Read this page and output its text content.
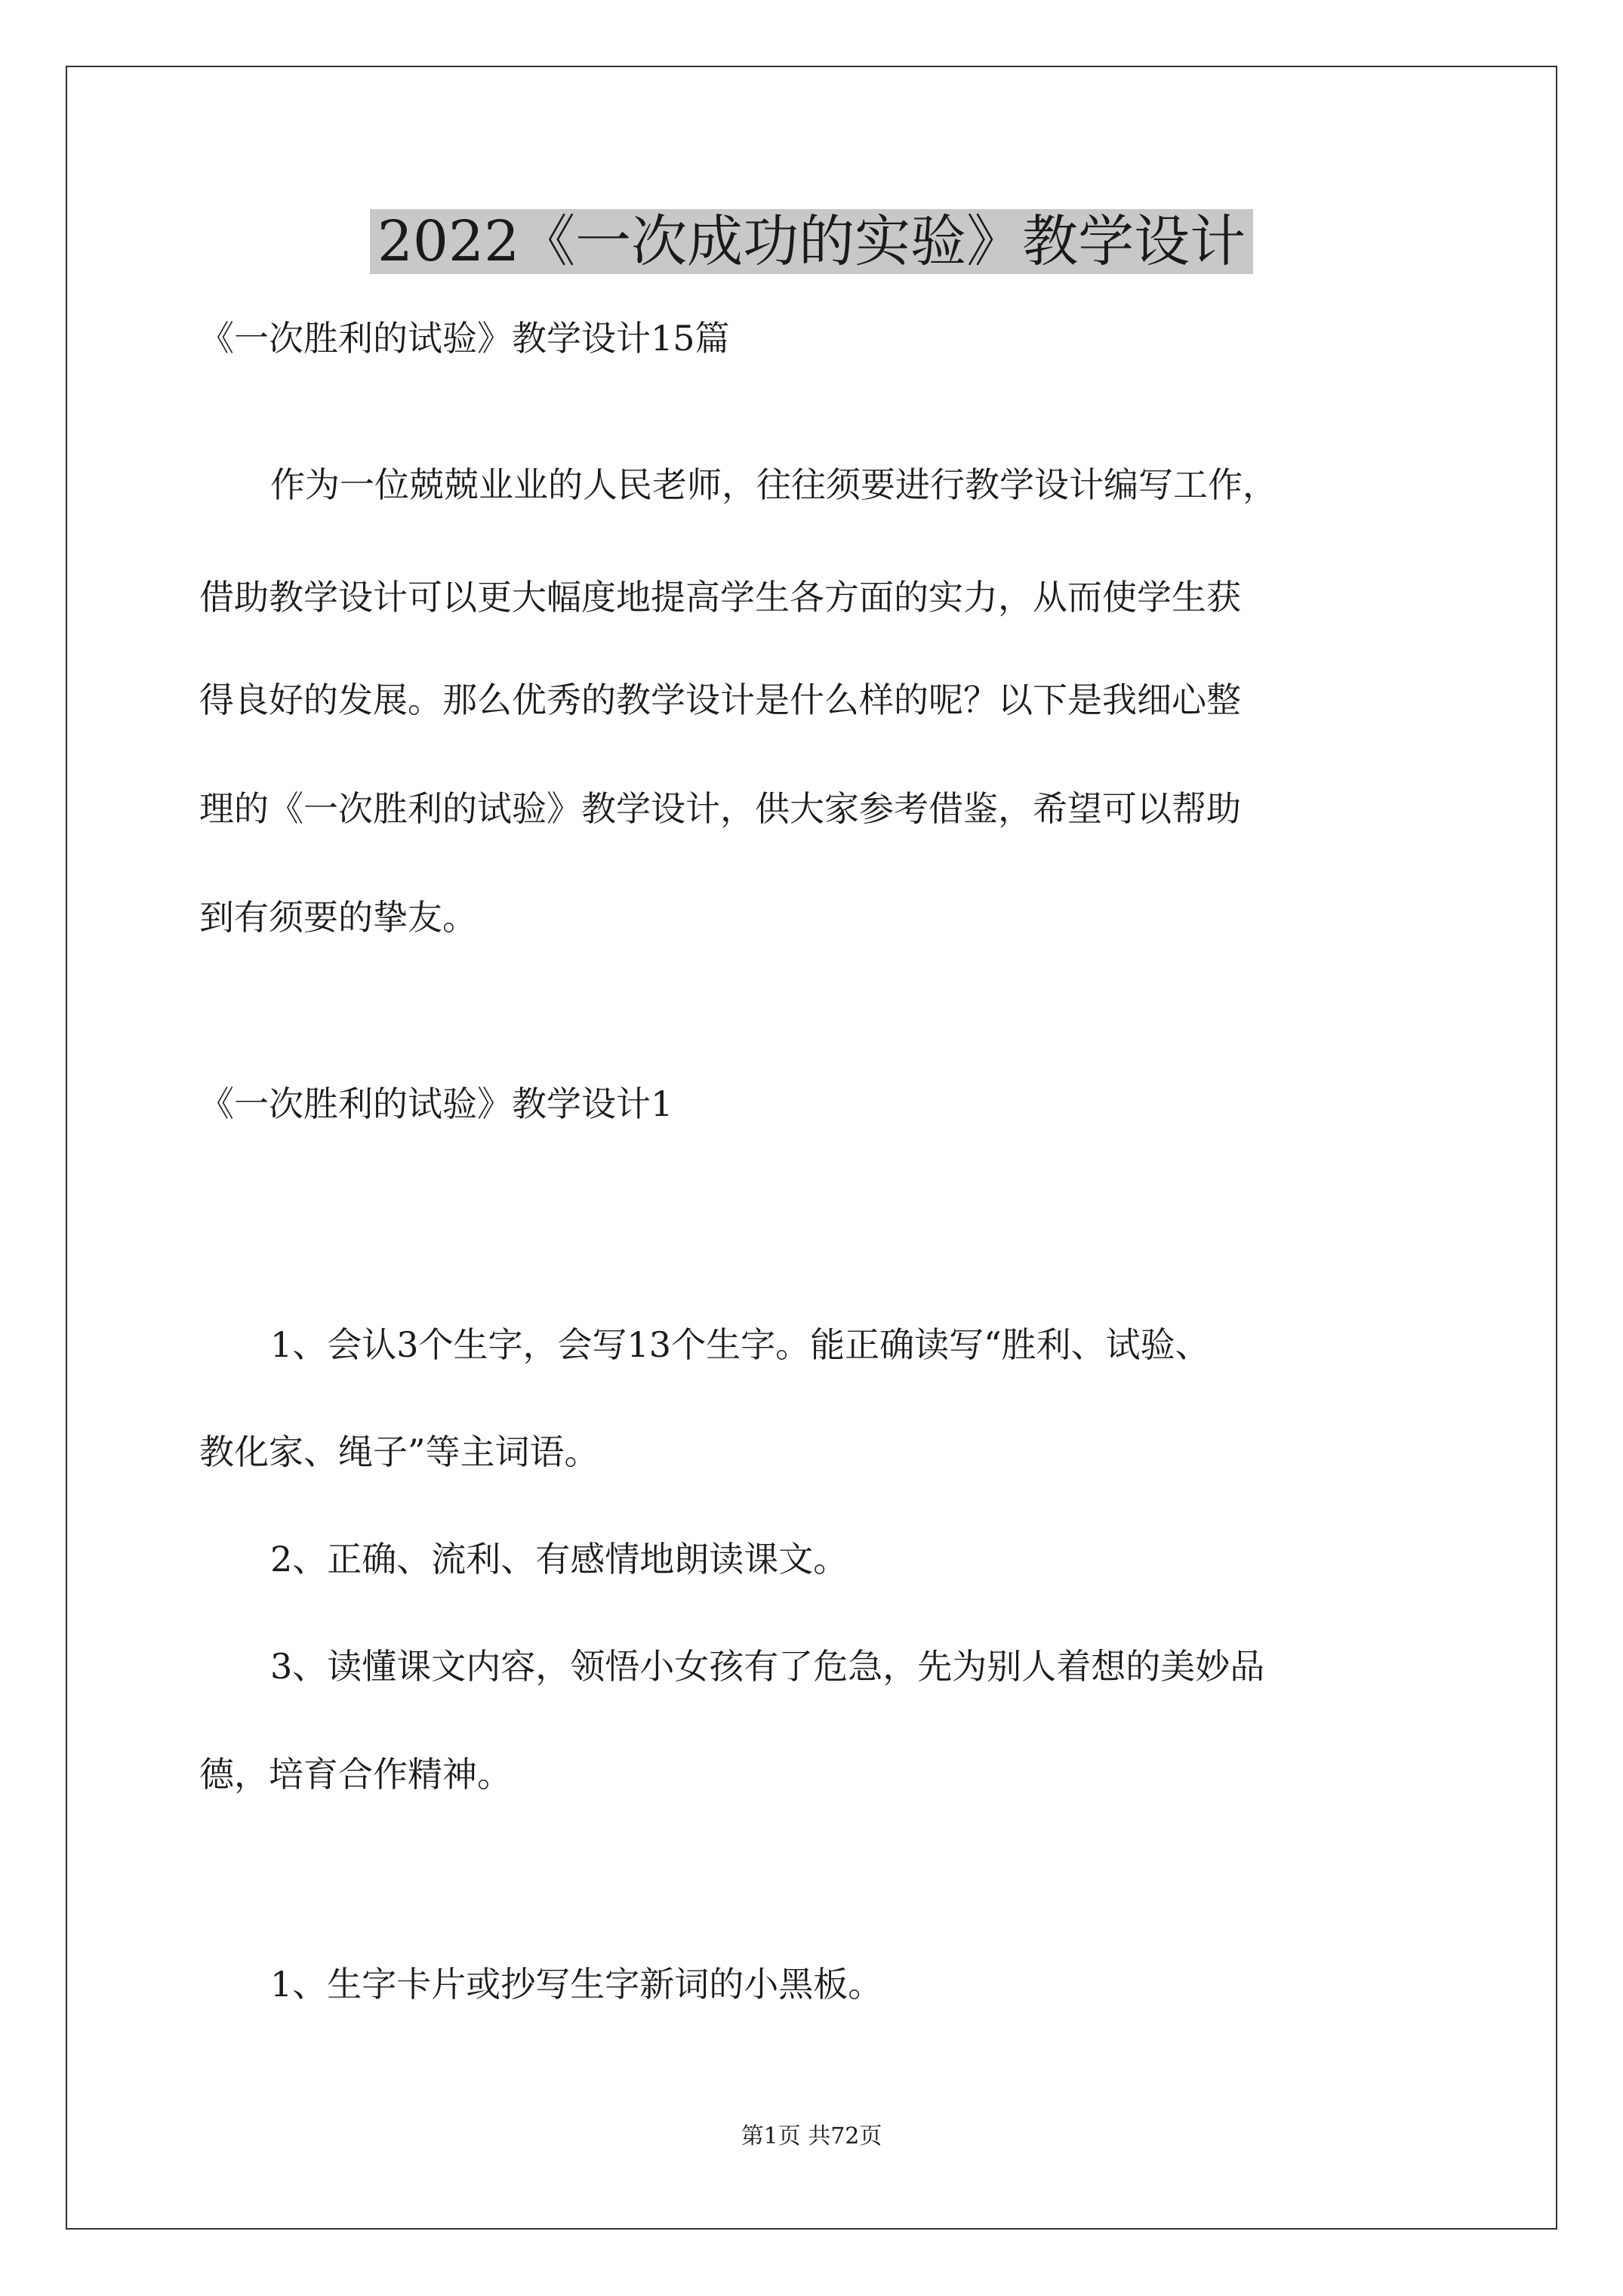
2022《一次成功的实验》教学设计
《一次胜利的试验》教学设计15篇
作为一位兢兢业业的人民老师，往往须要进行教学设计编写工作，
借助教学设计可以更大幅度地提高学生各方面的实力，从而使学生获
得良好的发展。那么优秀的教学设计是什么样的呢？以下是我细心整
理的《一次胜利的试验》教学设计，供大家参考借鉴，希望可以帮助
到有须要的挚友。
《一次胜利的试验》教学设计1
1、会认3个生字，会写13个生字。能正确读写“胜利、试验、
教化家、绳子”等主词语。
2、正确、流利、有感情地朗读课文。
3、读懂课文内容，领悟小女孩有了危急，先为别人着想的美妙品
德，培育合作精神。
1、生字卡片或抄写生字新词的小黑板。
第1页 共72页
